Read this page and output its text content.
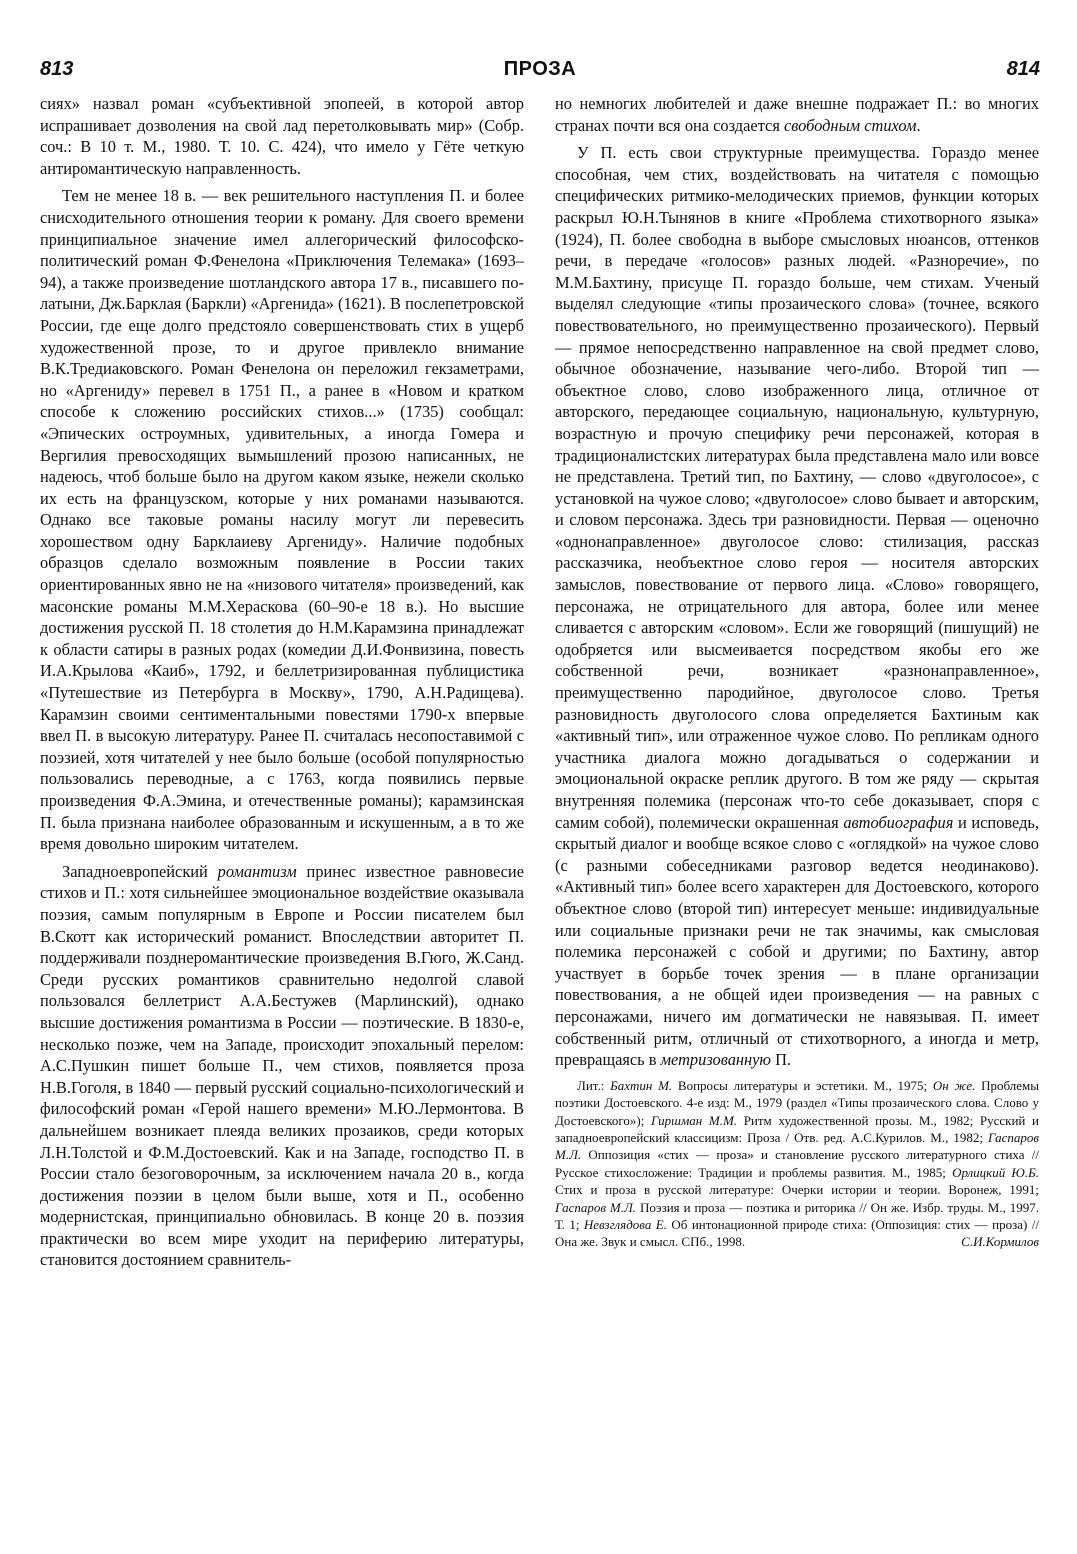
813	ПРОЗА	814

сиях» назвал роман «субъективной эпопеей, в которой автор испрашивает дозволения на свой лад перетолковывать мир» (Собр. соч.: В 10 т. М., 1980. Т. 10. С. 424), что имело у Гёте четкую антиромантическую направленность.

Тем не менее 18 в. — век решительного наступления П. и более снисходительного отношения теории к роману. Для своего времени принципиальное значение имел аллегорический философско-политический роман Ф.Фенелона «Приключения Телемака» (1693–94), а также произведение шотландского автора 17 в., писавшего по-латыни, Дж.Барклая (Баркли) «Аргенида» (1621). В послепетровской России, где еще долго предстояло совершенствовать стих в ущерб художественной прозе, то и другое привлекло внимание В.К.Тредиаковского. Роман Фенелона он переложил гекзаметрами, но «Аргениду» перевел в 1751 П., а ранее в «Новом и кратком способе к сложению российских стихов...» (1735) сообщал: «Эпических остроумных, удивительных, а иногда Гомера и Вергилия превосходящих вымышлений прозою написанных, не надеюсь, чтоб больше было на другом каком языке, нежели сколько их есть на французском, которые у них романами называются. Однако все таковые романы насилу могут ли перевесить хорошеством одну Барклаиеву Аргениду». Наличие подобных образцов сделало возможным появление в России таких ориентированных явно не на «низового читателя» произведений, как масонские романы М.М.Хераскова (60–90-е 18 в.). Но высшие достижения русской П. 18 столетия до Н.М.Карамзина принадлежат к области сатиры в разных родах (комедии Д.И.Фонвизина, повесть И.А.Крылова «Каиб», 1792, и беллетризированная публицистика «Путешествие из Петербурга в Москву», 1790, А.Н.Радищева). Карамзин своими сентиментальными повестями 1790-х впервые ввел П. в высокую литературу. Ранее П. считалась несопоставимой с поэзией, хотя читателей у нее было больше (особой популярностью пользовались переводные, а с 1763, когда появились первые произведения Ф.А.Эмина, и отечественные романы); карамзинская П. была признана наиболее образованным и искушенным, а в то же время довольно широким читателем.

Западноевропейский романтизм принес известное равновесие стихов и П.: хотя сильнейшее эмоциональное воздействие оказывала поэзия, самым популярным в Европе и России писателем был В.Скотт как исторический романист. Впоследствии авторитет П. поддерживали позднеромантические произведения В.Гюго, Ж.Санд. Среди русских романтиков сравнительно недолгой славой пользовался беллетрист А.А.Бестужев (Марлинский), однако высшие достижения романтизма в России — поэтические. В 1830-е, несколько позже, чем на Западе, происходит эпохальный перелом: А.С.Пушкин пишет больше П., чем стихов, появляется проза Н.В.Гоголя, в 1840 — первый русский социально-психологический и философский роман «Герой нашего времени» М.Ю.Лермонтова. В дальнейшем возникает плеяда великих прозаиков, среди которых Л.Н.Толстой и Ф.М.Достоевский. Как и на Западе, господство П. в России стало безоговорочным, за исключением начала 20 в., когда достижения поэзии в целом были выше, хотя и П., особенно модернистская, принципиально обновилась. В конце 20 в. поэзия практически во всем мире уходит на периферию литературы, становится достоянием сравнитель-

но немногих любителей и даже внешне подражает П.: во многих странах почти вся она создается свободным стихом.

У П. есть свои структурные преимущества. Гораздо менее способная, чем стих, воздействовать на читателя с помощью специфических ритмико-мелодических приемов, функции которых раскрыл Ю.Н.Тынянов в книге «Проблема стихотворного языка» (1924), П. более свободна в выборе смысловых нюансов, оттенков речи, в передаче «голосов» разных людей. «Разноречие», по М.М.Бахтину, присуще П. гораздо больше, чем стихам. Ученый выделял следующие «типы прозаического слова» (точнее, всякого повествовательного, но преимущественно прозаического). Первый — прямое непосредственно направленное на свой предмет слово, обычное обозначение, называние чего-либо. Второй тип — объектное слово, слово изображенного лица, отличное от авторского, передающее социальную, национальную, культурную, возрастную и прочую специфику речи персонажей, которая в традиционалистских литературах была представлена мало или вовсе не представлена. Третий тип, по Бахтину, — слово «двуголосое», с установкой на чужое слово; «двуголосое» слово бывает и авторским, и словом персонажа. Здесь три разновидности. Первая — оценочно «однонаправленное» двуголосое слово: стилизация, рассказ рассказчика, необъектное слово героя — носителя авторских замыслов, повествование от первого лица. «Слово» говорящего, персонажа, не отрицательного для автора, более или менее сливается с авторским «словом». Если же говорящий (пишущий) не одобряется или высмеивается посредством якобы его же собственной речи, возникает «разнонаправленное», преимущественно пародийное, двуголосое слово. Третья разновидность двуголосого слова определяется Бахтиным как «активный тип», или отраженное чужое слово. По репликам одного участника диалога можно догадываться о содержании и эмоциональной окраске реплик другого. В том же ряду — скрытая внутренняя полемика (персонаж что-то себе доказывает, споря с самим собой), полемически окрашенная автобиография и исповедь, скрытый диалог и вообще всякое слово с «оглядкой» на чужое слово (с разными собеседниками разговор ведется неодинаково). «Активный тип» более всего характерен для Достоевского, которого объектное слово (второй тип) интересует меньше: индивидуальные или социальные признаки речи не так значимы, как смысловая полемика персонажей с собой и другими; по Бахтину, автор участвует в борьбе точек зрения — в плане организации повествования, а не общей идеи произведения — на равных с персонажами, ничего им догматически не навязывая. П. имеет собственный ритм, отличный от стихотворного, а иногда и метр, превращаясь в метризованную П.

Лит.: Бахтин М. Вопросы литературы и эстетики. М., 1975; Он же. Проблемы поэтики Достоевского. 4-е изд: М., 1979 (раздел «Типы прозаического слова. Слово у Достоевского»); Гиршман М.М. Ритм художественной прозы. М., 1982; Русский и западноевропейский классицизм: Проза / Отв. ред. А.С.Курилов. М., 1982; Гаспаров М.Л. Оппозиция «стих — проза» и становление русского литературного стиха // Русское стихосложение: Традиции и проблемы развития. М., 1985; Орлицкий Ю.Б. Стих и проза в русской литературе: Очерки истории и теории. Воронеж, 1991; Гаспаров М.Л. Поэзия и проза — поэтика и риторика // Он же. Избр. труды. М., 1997. Т. 1; Невзглядова Е. Об интонационной природе стиха: (Оппозиция: стих — проза) // Она же. Звук и смысл. СПб., 1998.	С.И.Кормилов
